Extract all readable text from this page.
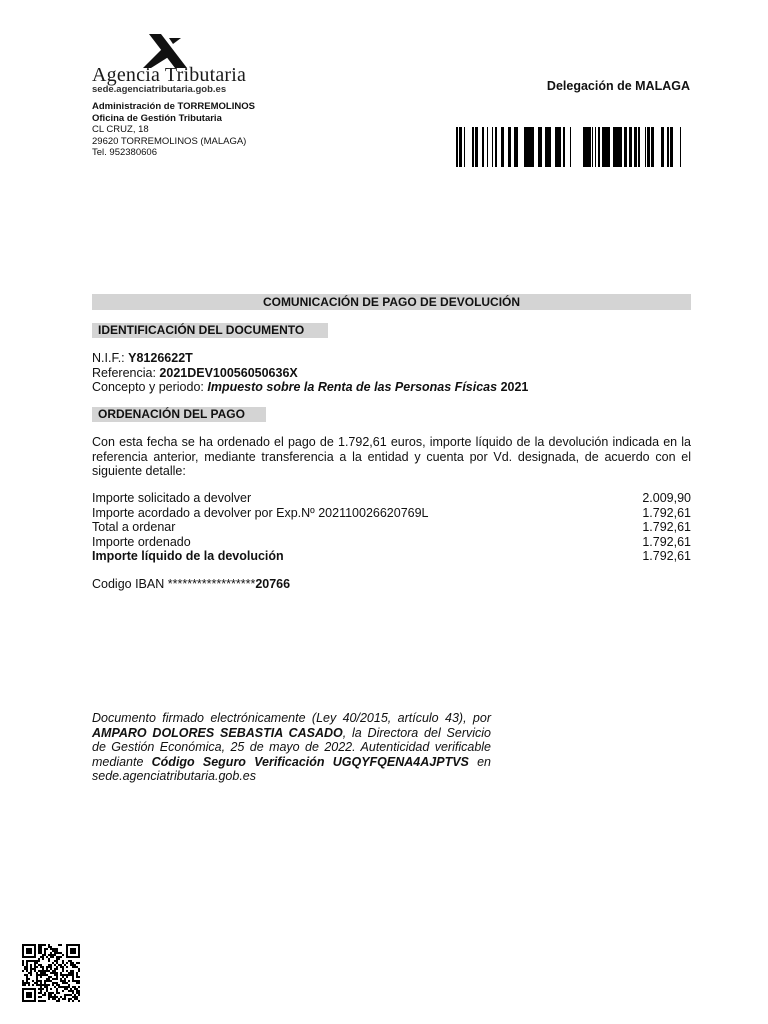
Agencia Tributaria
sede.agenciatributaria.gob.es	Delegación de MALAGA
Administración de TORREMOLINOS
Oficina de Gestión Tributaria
CL CRUZ, 18
29620 TORREMOLINOS (MALAGA)
Tel. 952380606
COMUNICACIÓN DE PAGO DE DEVOLUCIÓN
IDENTIFICACIÓN DEL DOCUMENTO
N.I.F.: Y8126622T
Referencia: 2021DEV10056050636X
Concepto y periodo: Impuesto sobre la Renta de las Personas Físicas 2021
ORDENACIÓN DEL PAGO
Con esta fecha se ha ordenado el pago de 1.792,61 euros, importe líquido de la devolución indicada en la referencia anterior, mediante transferencia a la entidad y cuenta por Vd. designada, de acuerdo con el siguiente detalle:
Importe solicitado a devolver	2.009,90
Importe acordado a devolver por Exp.Nº 202110026620769L	1.792,61
Total a ordenar	1.792,61
Importe ordenado	1.792,61
Importe líquido de la devolución	1.792,61
Codigo IBAN ******************20766
Documento firmado electrónicamente (Ley 40/2015, artículo 43), por AMPARO DOLORES SEBASTIA CASADO, la Directora del Servicio de Gestión Económica, 25 de mayo de 2022. Autenticidad verificable mediante Código Seguro Verificación UGQYFQENA4AJPTVS en sede.agenciatributaria.gob.es
